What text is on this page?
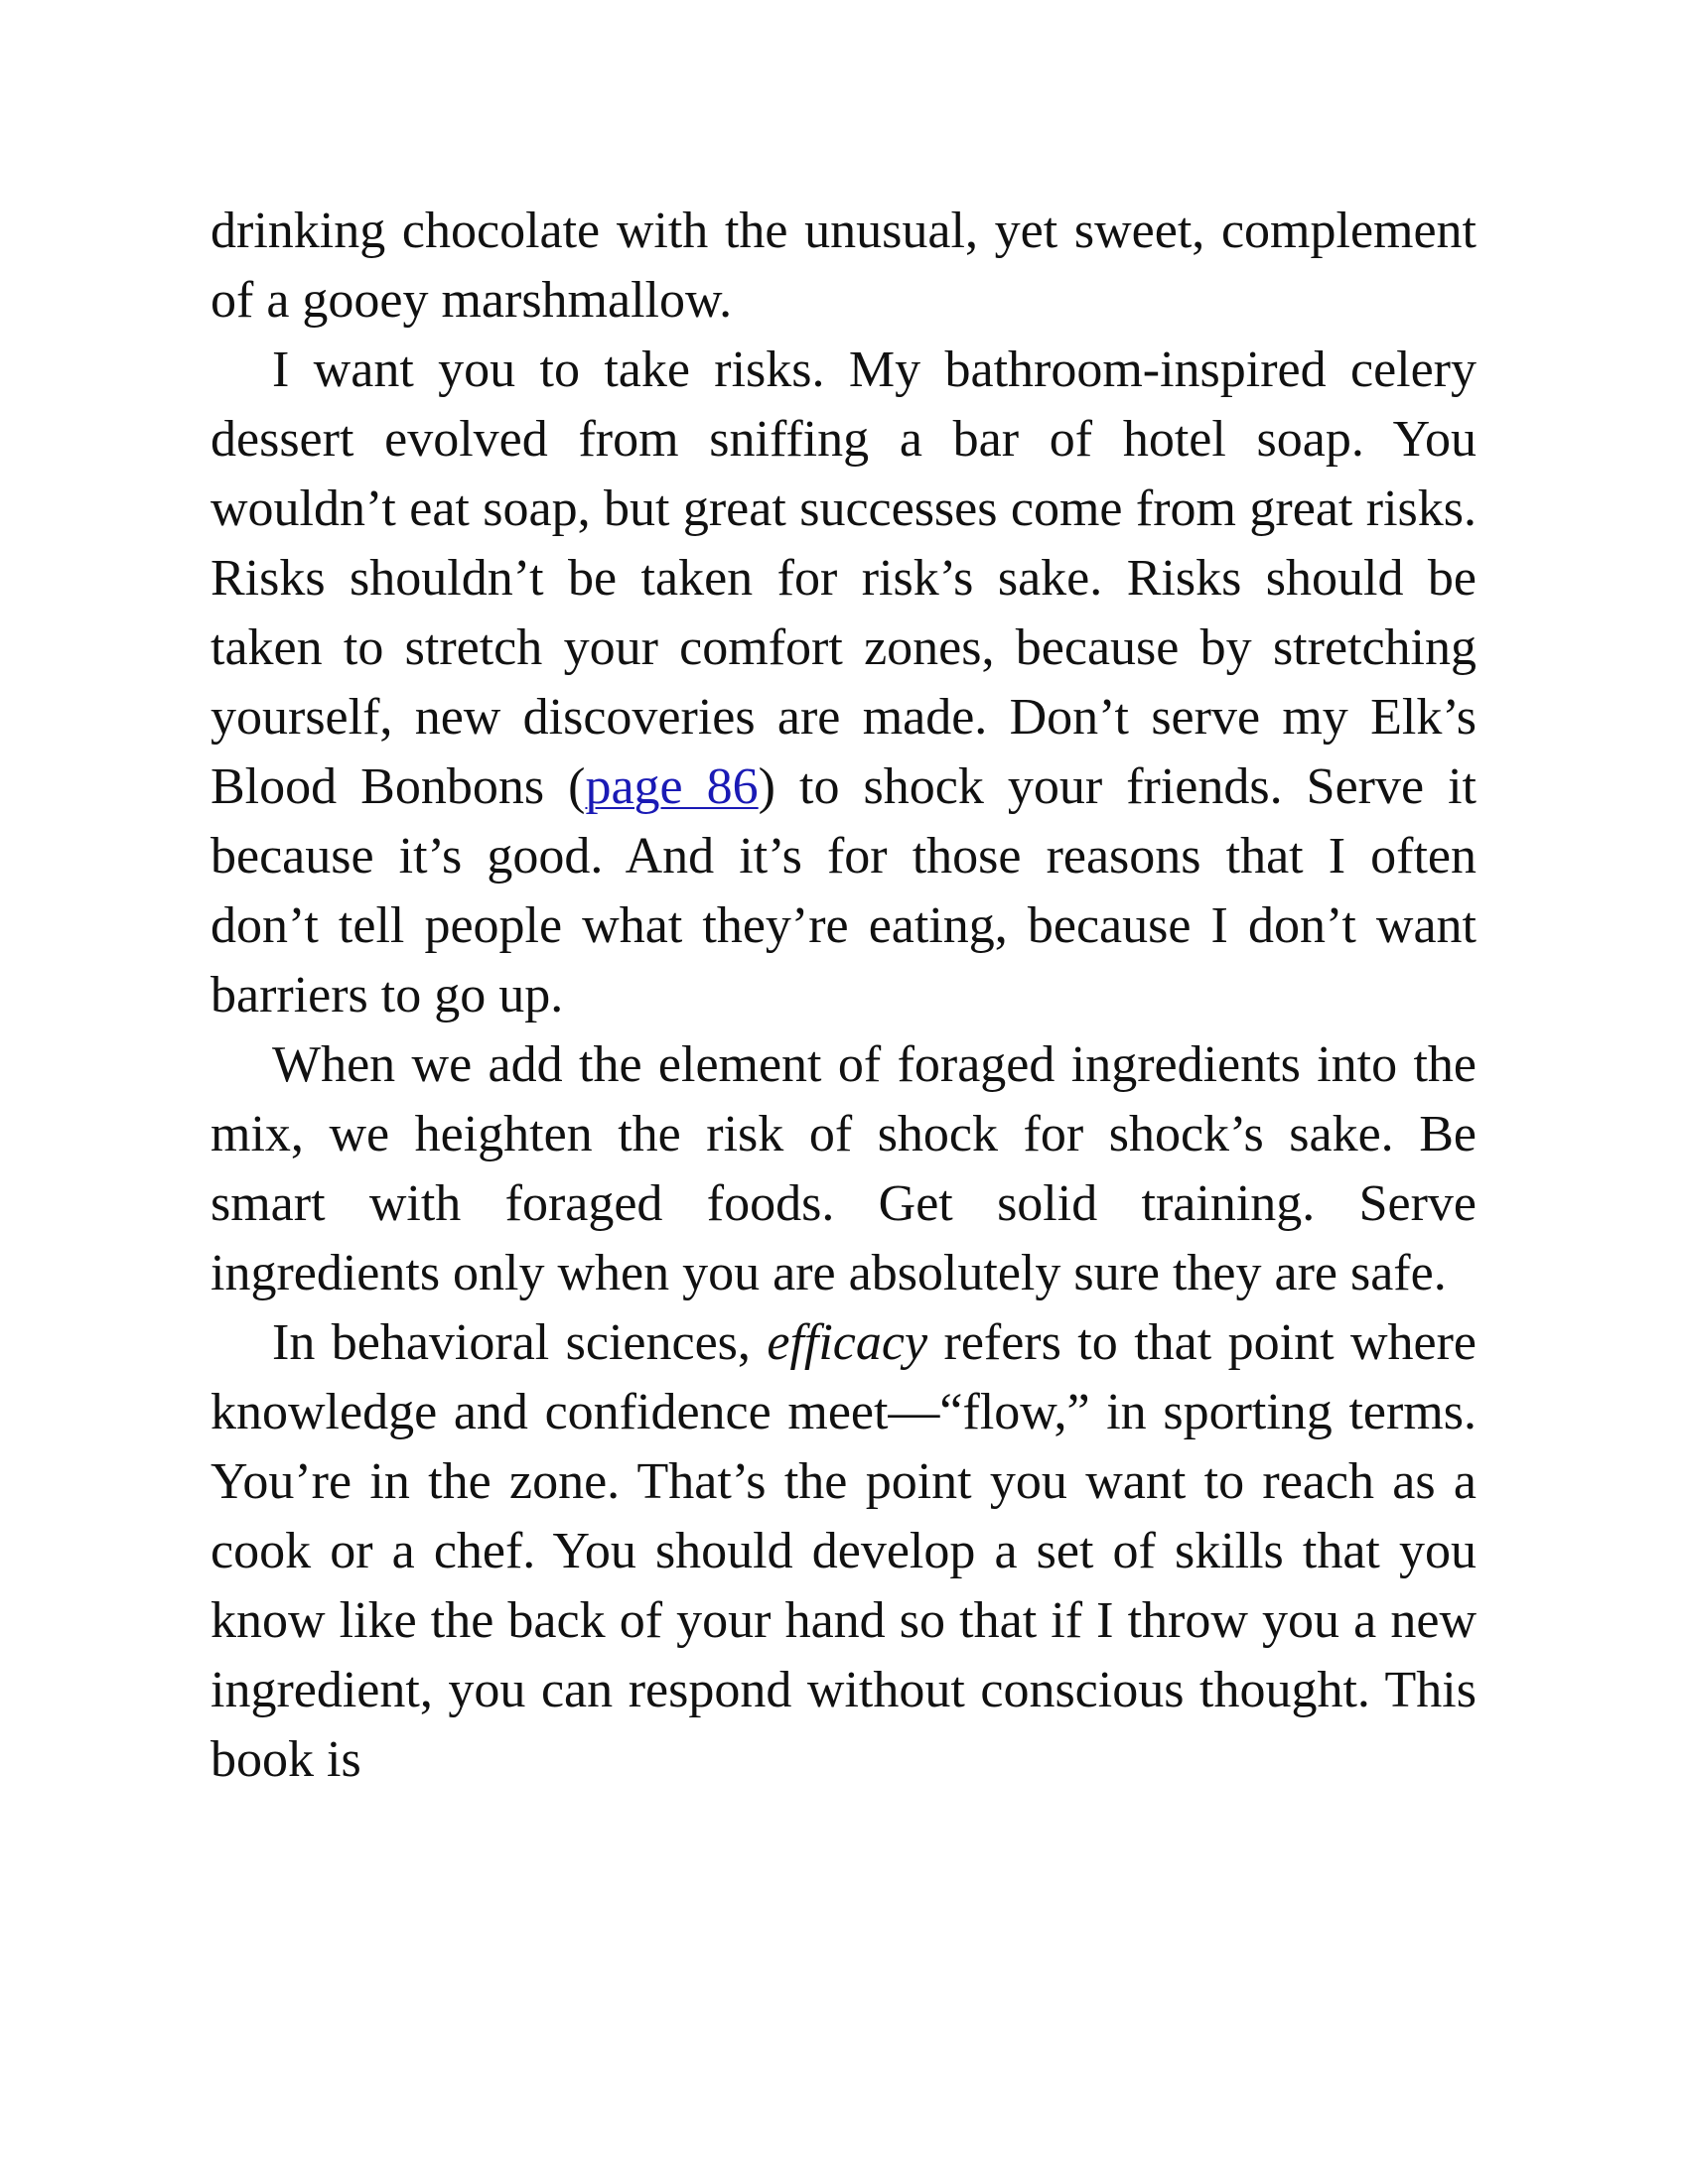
drinking chocolate with the unusual, yet sweet, complement of a gooey marshmallow.

I want you to take risks. My bathroom-inspired celery dessert evolved from sniffing a bar of hotel soap. You wouldn’t eat soap, but great successes come from great risks. Risks shouldn’t be taken for risk’s sake. Risks should be taken to stretch your comfort zones, because by stretching yourself, new discoveries are made. Don’t serve my Elk’s Blood Bonbons (page 86) to shock your friends. Serve it because it’s good. And it’s for those reasons that I often don’t tell people what they’re eating, because I don’t want barriers to go up.

When we add the element of foraged ingredients into the mix, we heighten the risk of shock for shock’s sake. Be smart with foraged foods. Get solid training. Serve ingredients only when you are absolutely sure they are safe.

In behavioral sciences, efficacy refers to that point where knowledge and confidence meet—“flow,” in sporting terms. You’re in the zone. That’s the point you want to reach as a cook or a chef. You should develop a set of skills that you know like the back of your hand so that if I throw you a new ingredient, you can respond without conscious thought. This book is
